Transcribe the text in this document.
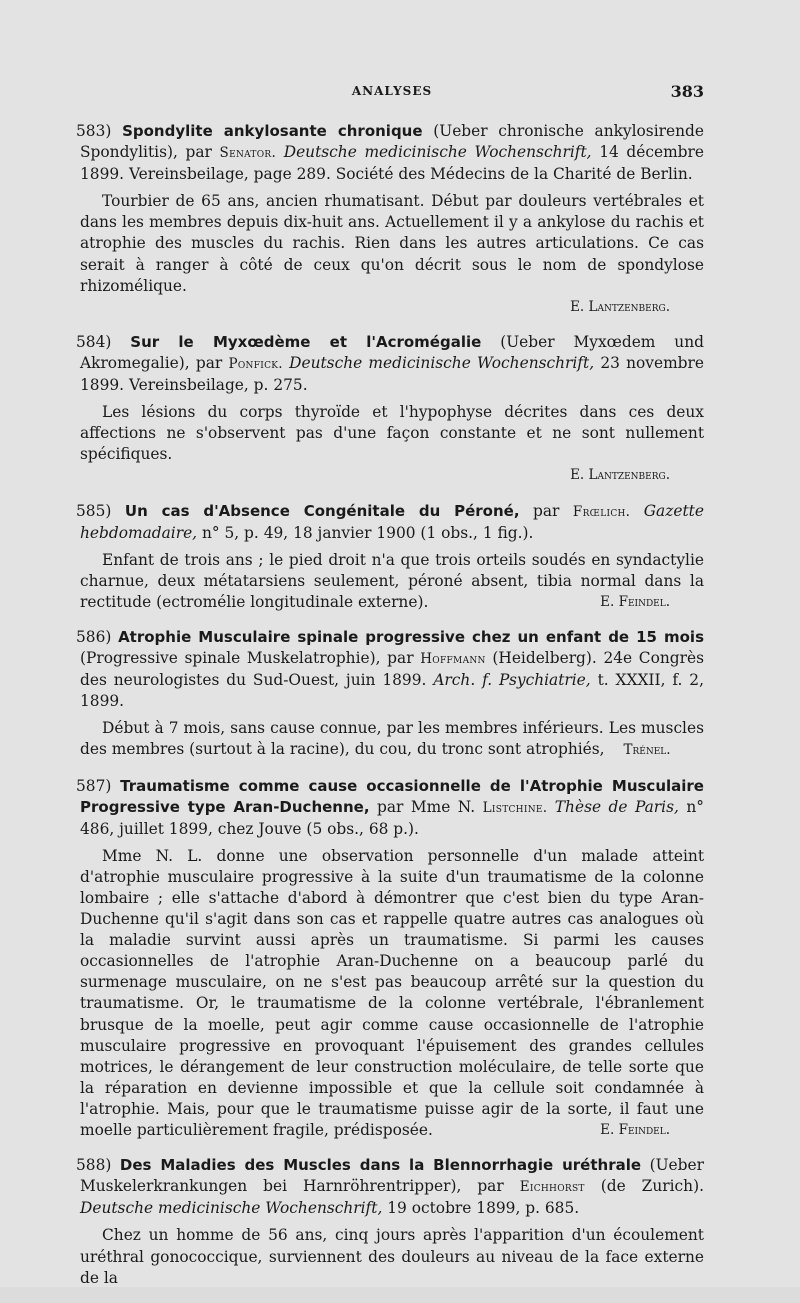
ANALYSES	383

583) Spondylite ankylosante chronique (Ueber chronische ankylosirende Spondylitis), par Senator. Deutsche medicinische Wochenschrift, 14 décembre 1899. Vereinsbeilage, page 289. Société des Médecins de la Charité de Berlin.

Tourbier de 65 ans, ancien rhumatisant. Début par douleurs vertébrales et dans les membres depuis dix-huit ans. Actuellement il y a ankylose du rachis et atrophie des muscles du rachis. Rien dans les autres articulations. Ce cas serait à ranger à côté de ceux qu'on décrit sous le nom de spondylose rhizomélique.

E. Lantzenberg.

584) Sur le Myxœdème et l'Acromégalie (Ueber Myxœdem und Akromegalie), par Ponfick. Deutsche medicinische Wochenschrift, 23 novembre 1899. Vereinsbeilage, p. 275.

Les lésions du corps thyroïde et l'hypophyse décrites dans ces deux affections ne s'observent pas d'une façon constante et ne sont nullement spécifiques.

E. Lantzenberg.

585) Un cas d'Absence Congénitale du Péroné, par Frœlich. Gazette hebdomadaire, n° 5, p. 49, 18 janvier 1900 (1 obs., 1 fig.).

Enfant de trois ans ; le pied droit n'a que trois orteils soudés en syndactylie charnue, deux métatarsiens seulement, péroné absent, tibia normal dans la rectitude (ectromélie longitudinale externe).	E. Feindel.

586) Atrophie Musculaire spinale progressive chez un enfant de 15 mois (Progressive spinale Muskelatrophie), par Hoffmann (Heidelberg). 24e Congrès des neurologistes du Sud-Ouest, juin 1899. Arch. f. Psychiatrie, t. XXXII, f. 2, 1899.

Début à 7 mois, sans cause connue, par les membres inférieurs. Les muscles des membres (surtout à la racine), du cou, du tronc sont atrophiés, Trénel.

587) Traumatisme comme cause occasionnelle de l'Atrophie Musculaire Progressive type Aran-Duchenne, par Mme N. Listchine. Thèse de Paris, n° 486, juillet 1899, chez Jouve (5 obs., 68 p.).

Mme N. L. donne une observation personnelle d'un malade atteint d'atrophie musculaire progressive à la suite d'un traumatisme de la colonne lombaire ; elle s'attache d'abord à démontrer que c'est bien du type Aran-Duchenne qu'il s'agit dans son cas et rappelle quatre autres cas analogues où la maladie survint aussi après un traumatisme. Si parmi les causes occasionnelles de l'atrophie Aran-Duchenne on a beaucoup parlé du surmenage musculaire, on ne s'est pas beaucoup arrêté sur la question du traumatisme. Or, le traumatisme de la colonne vertébrale, l'ébranlement brusque de la moelle, peut agir comme cause occasionnelle de l'atrophie musculaire progressive en provoquant l'épuisement des grandes cellules motrices, le dérangement de leur construction moléculaire, de telle sorte que la réparation en devienne impossible et que la cellule soit condamnée à l'atrophie. Mais, pour que le traumatisme puisse agir de la sorte, il faut une moelle particulièrement fragile, prédisposée.	E. Feindel.

588) Des Maladies des Muscles dans la Blennorrhagie uréthrale (Ueber Muskelerkrankungen bei Harnröhrentripper), par Eichhorst (de Zurich). Deutsche medicinische Wochenschrift, 19 octobre 1899, p. 685.

Chez un homme de 56 ans, cinq jours après l'apparition d'un écoulement uréthral gonococcique, surviennent des douleurs au niveau de la face externe de la
